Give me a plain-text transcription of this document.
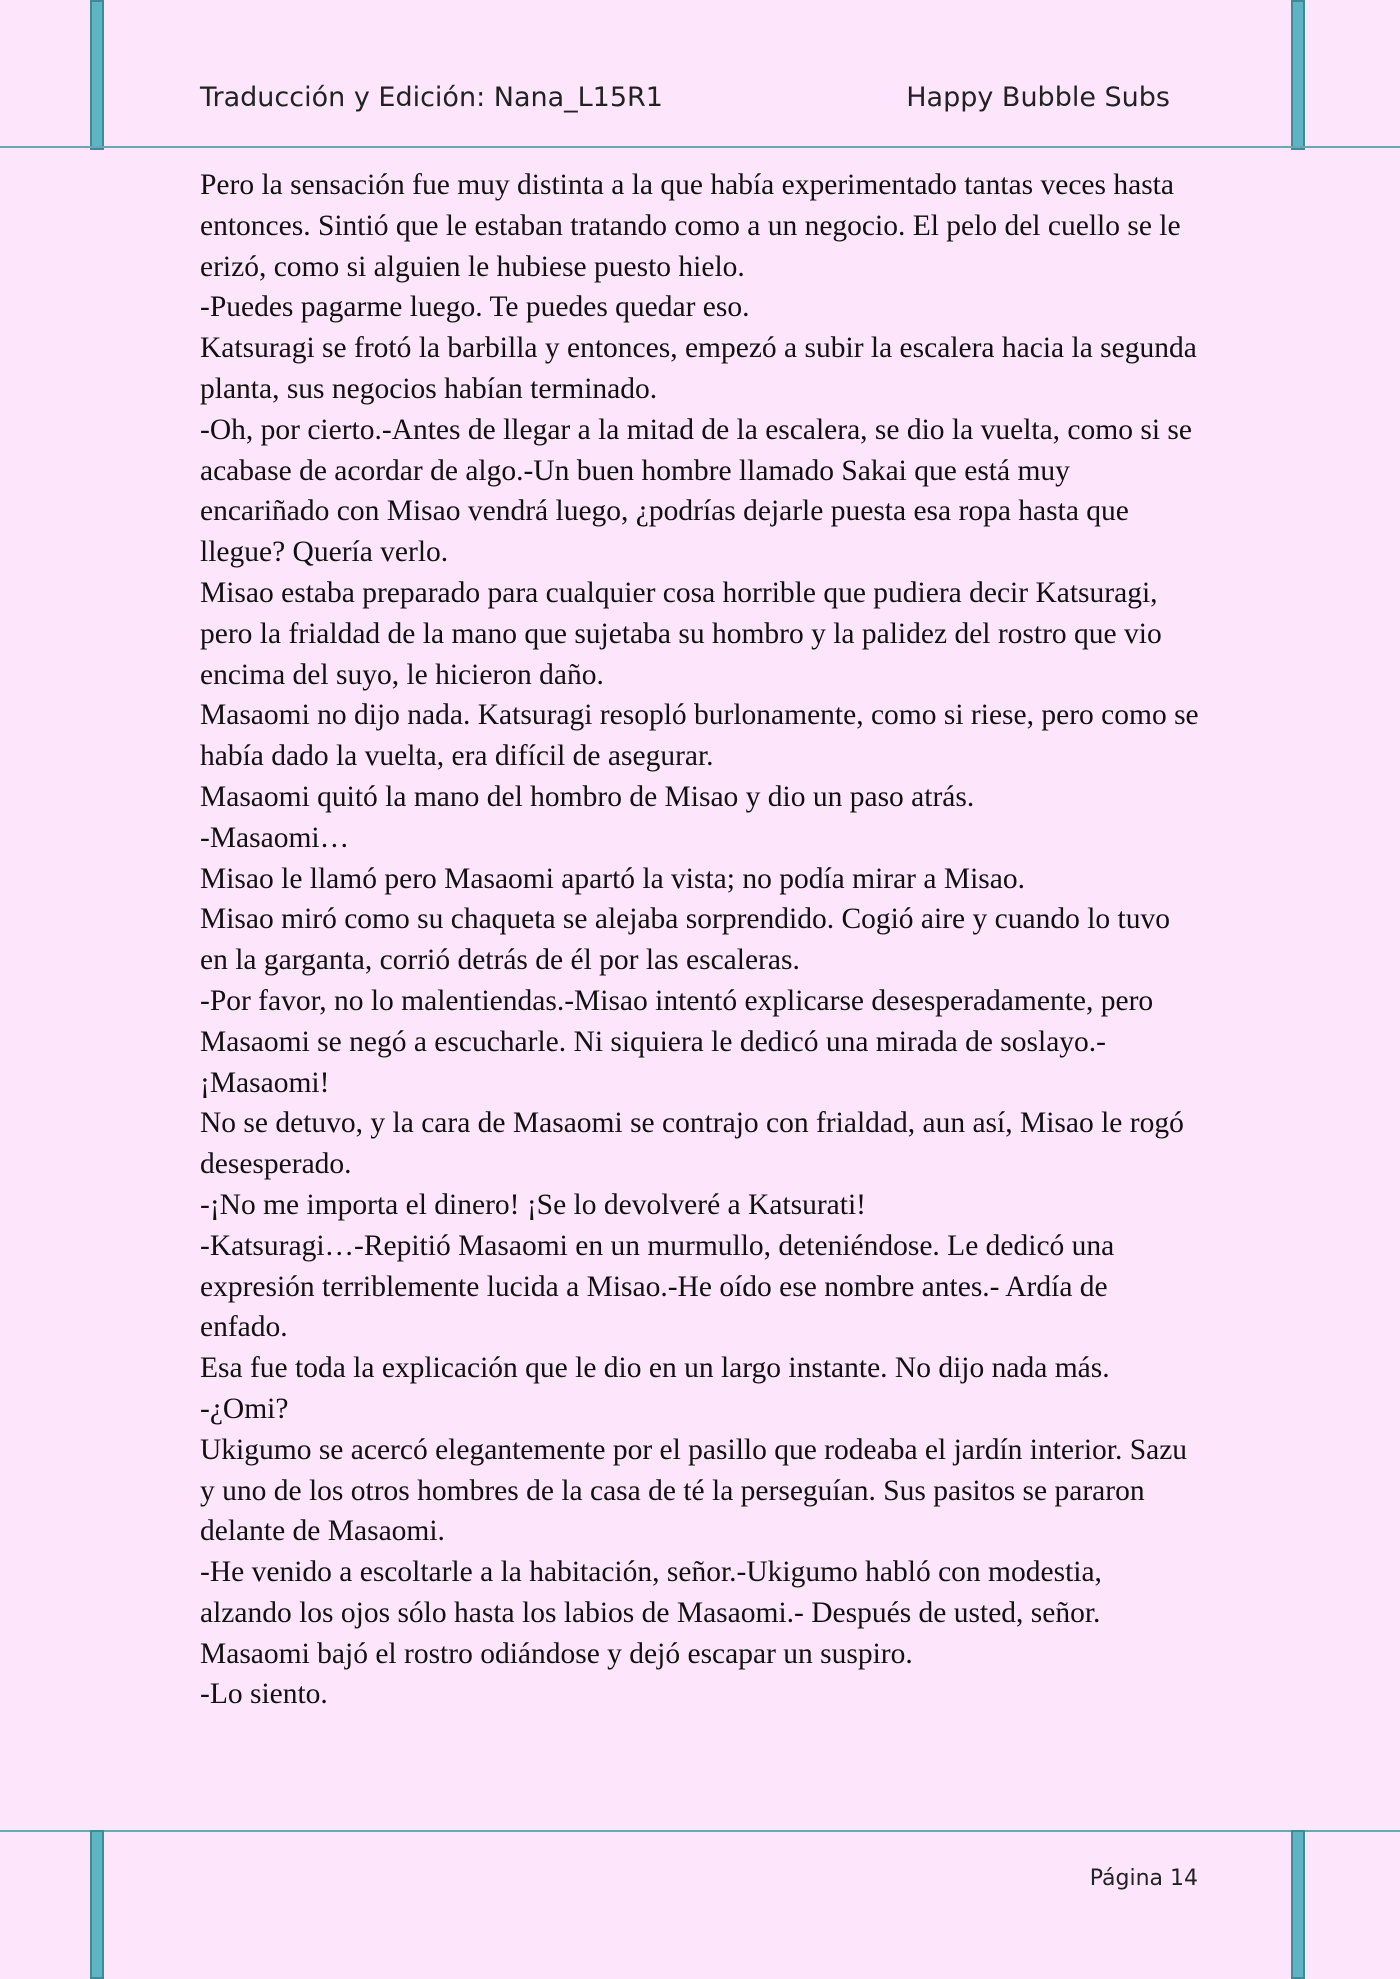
Traducción y Edición: Nana_L15R1	Happy Bubble Subs

Pero la sensación fue muy distinta a la que había experimentado tantas veces hasta entonces. Sintió que le estaban tratando como a un negocio. El pelo del cuello se le erizó, como si alguien le hubiese puesto hielo.

-Puedes pagarme luego. Te puedes quedar eso.

Katsuragi se frotó la barbilla y entonces, empezó a subir la escalera hacia la segunda planta, sus negocios habían terminado.

-Oh, por cierto.-Antes de llegar a la mitad de la escalera, se dio la vuelta, como si se acabase de acordar de algo.-Un buen hombre llamado Sakai que está muy encariñado con Misao vendrá luego, ¿podrías dejarle puesta esa ropa hasta que llegue? Quería verlo.

Misao estaba preparado para cualquier cosa horrible que pudiera decir Katsuragi, pero la frialdad de la mano que sujetaba su hombro y la palidez del rostro que vio encima del suyo, le hicieron daño.

Masaomi no dijo nada. Katsuragi resopló burlonamente, como si riese, pero como se había dado la vuelta, era difícil de asegurar.

Masaomi quitó la mano del hombro de Misao y dio un paso atrás.

-Masaomi…

Misao le llamó pero Masaomi apartó la vista; no podía mirar a Misao.

Misao miró como su chaqueta se alejaba sorprendido. Cogió aire y cuando lo tuvo en la garganta, corrió detrás de él por las escaleras.

-Por favor, no lo malentiendas.-Misao intentó explicarse desesperadamente, pero Masaomi se negó a escucharle. Ni siquiera le dedicó una mirada de soslayo.- ¡Masaomi!

No se detuvo, y la cara de Masaomi se contrajo con frialdad, aun así, Misao le rogó desesperado.

-¡No me importa el dinero! ¡Se lo devolveré a Katsurati!

-Katsuragi…-Repitió Masaomi en un murmullo, deteniéndose. Le dedicó una expresión terriblemente lucida a Misao.-He oído ese nombre antes.- Ardía de enfado.

Esa fue toda la explicación que le dio en un largo instante. No dijo nada más.

-¿Omi?

Ukigumo se acercó elegantemente por el pasillo que rodeaba el jardín interior. Sazu y uno de los otros hombres de la casa de té la perseguían. Sus pasitos se pararon delante de Masaomi.

-He venido a escoltarle a la habitación, señor.-Ukigumo habló con modestia, alzando los ojos sólo hasta los labios de Masaomi.- Después de usted, señor.

Masaomi bajó el rostro odiándose y dejó escapar un suspiro.

-Lo siento.

Página 14
